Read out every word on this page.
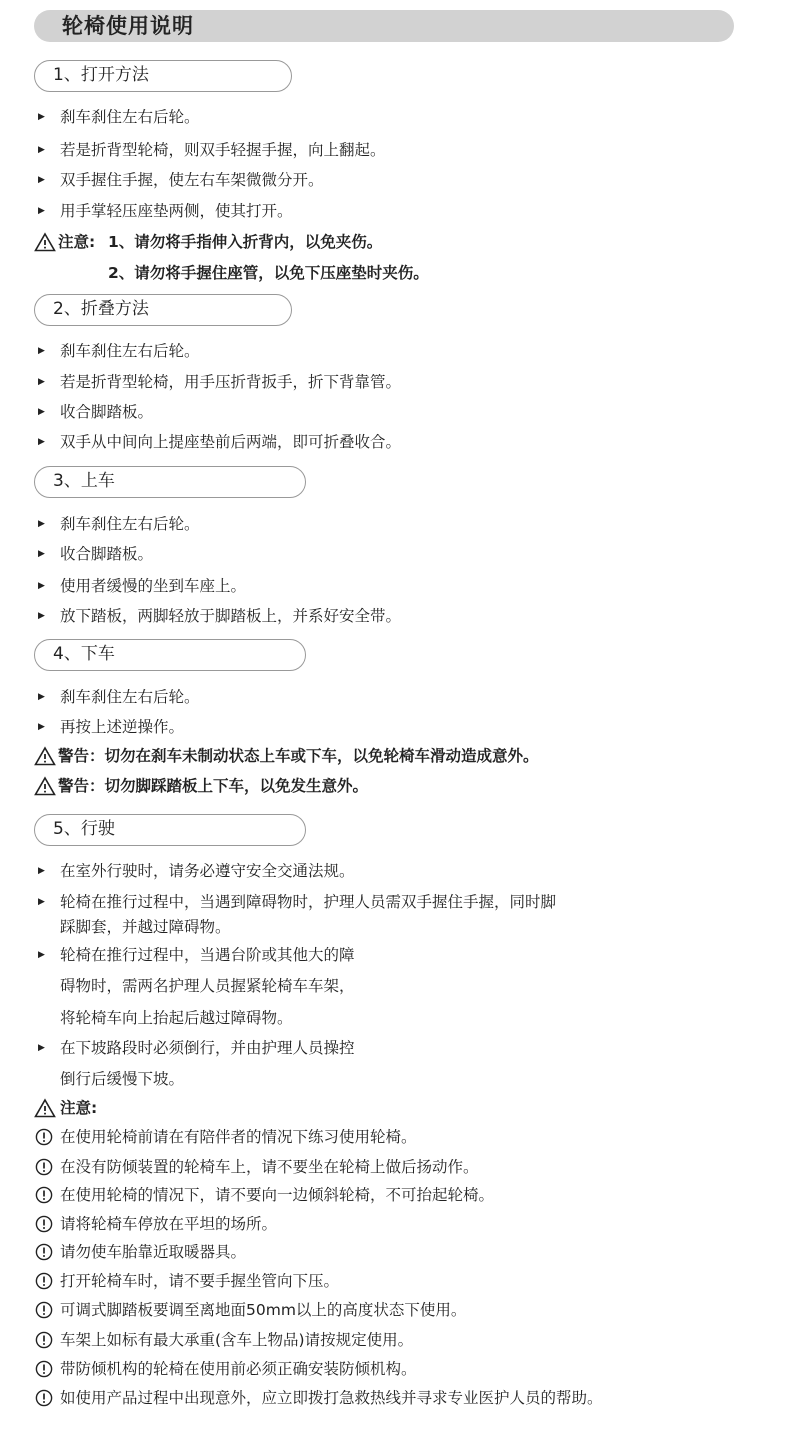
轮椅使用说明
1、打开方法
▶ 刹车刹住左右后轮。
▶ 若是折背型轮椅，则双手轻握手握，向上翻起。
▶ 双手握住手握，使左右车架微微分开。
▶ 用手掌轻压座垫两侧，使其打开。
注意: 1、请勿将手指伸入折背内，以免夹伤。
2、请勿将手握住座管，以免下压座垫时夹伤。
2、折叠方法
▶ 刹车刹住左右后轮。
▶ 若是折背型轮椅，用手压折背扳手，折下背靠管。
▶ 收合脚踏板。
▶ 双手从中间向上提座垫前后两端，即可折叠收合。
3、上车
▶ 刹车刹住左右后轮。
▶ 收合脚踏板。
▶ 使用者缓慢的坐到车座上。
▶ 放下踏板，两脚轻放于脚踏板上，并系好安全带。
4、下车
▶ 刹车刹住左右后轮。
▶ 再按上述逆操作。
警告：切勿在刹车未制动状态上车或下车，以免轮椅车滑动造成意外。
警告：切勿脚踩踏板上下车，以免发生意外。
5、行驶
▶ 在室外行驶时，请务必遵守安全交通法规。
▶ 轮椅在推行过程中，当遇到障碍物时，护理人员需双手握住手握，同时脚
踩脚套，并越过障碍物。
▶ 轮椅在推行过程中，当遇台阶或其他大的障
碍物时，需两名护理人员握紧轮椅车车架，
将轮椅车向上抬起后越过障碍物。
▶ 在下坡路段时必须倒行，并由护理人员操控
倒行后缓慢下坡。
注意:
在使用轮椅前请在有陪伴者的情况下练习使用轮椅。
在没有防倾装置的轮椅车上，请不要坐在轮椅上做后扬动作。
在使用轮椅的情况下，请不要向一边倾斜轮椅，不可抬起轮椅。
请将轮椅车停放在平坦的场所。
请勿使车胎靠近取暖器具。
打开轮椅车时，请不要手握坐管向下压。
可调式脚踏板要调至离地面50mm以上的高度状态下使用。
车架上如标有最大承重(含车上物品)请按规定使用。
带防倾机构的轮椅在使用前必须正确安装防倾机构。
如使用产品过程中出现意外，应立即拨打急救热线并寻求专业医护人员的帮助。
